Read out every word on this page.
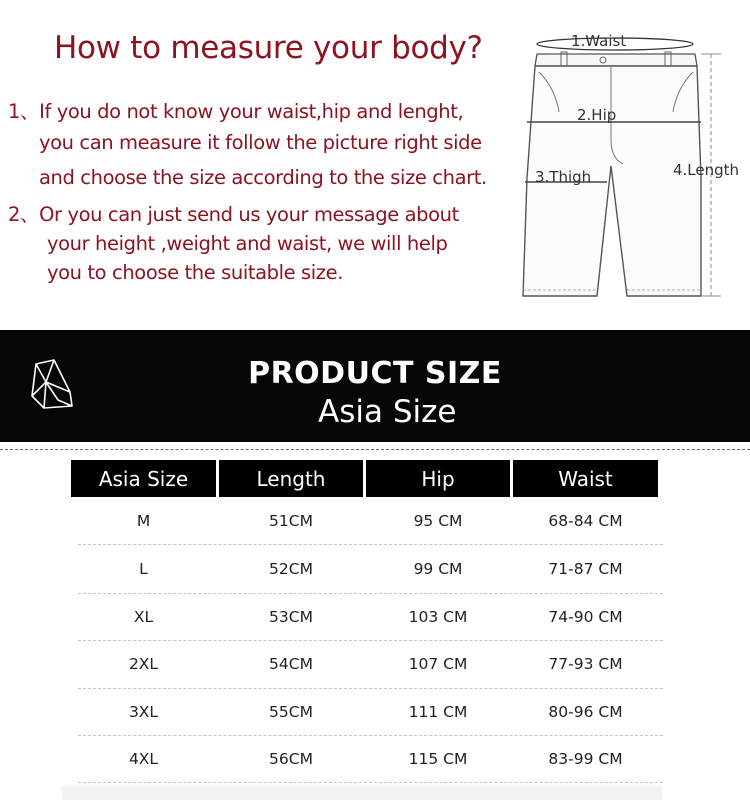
How to measure your body?
1、If you do not know your waist,hip and lenght,
you can measure it follow the picture right side
and choose the size according to the size chart.
2、Or you can just send us your message about
your height ,weight and waist, we will help
you to choose the suitable size.
1.Waist
2.Hip
3.Thigh	4.Length
PRODUCT SIZE
Asia Size
Asia Size	Length	Hip	Waist
M	51CM	95 CM	68-84 CM
L	52CM	99 CM	71-87 CM
XL	53CM	103 CM	74-90 CM
2XL	54CM	107 CM	77-93 CM
3XL	55CM	111 CM	80-96 CM
4XL	56CM	115 CM	83-99 CM
